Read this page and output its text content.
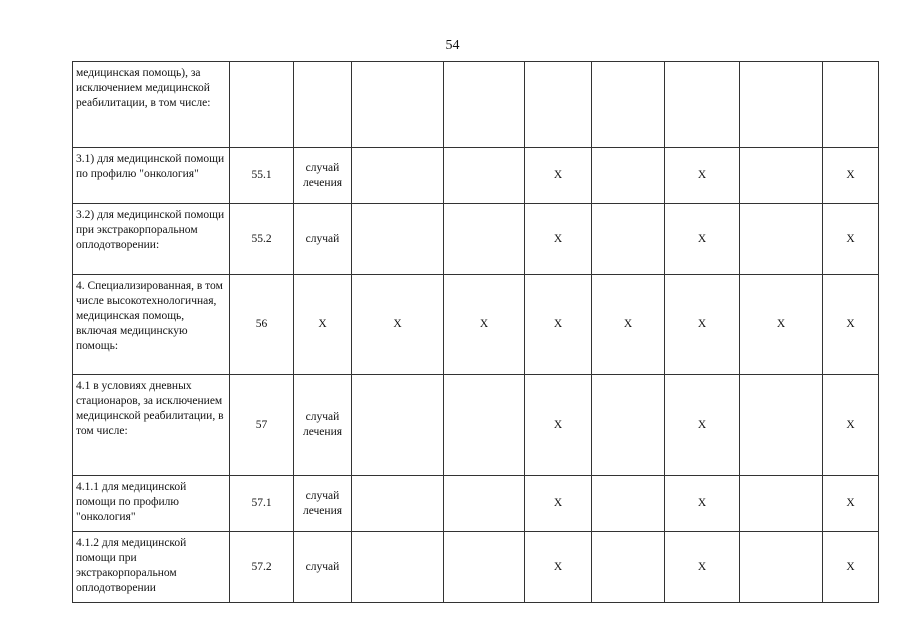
54
медицинская помощь), за исключением медицинской реабилитации, в том числе:									
3.1) для медицинской помощи по профилю "онкология"	55.1	случай лечения			X		X		X
3.2) для медицинской помощи при экстракорпоральном оплодотворении:	55.2	случай			X		X		X
4. Специализированная, в том числе высокотехнологичная, медицинская помощь, включая медицинскую помощь:	56	X	X	X	X	X	X	X	X
4.1 в условиях дневных стационаров, за исключением медицинской реабилитации, в том числе:	57	случай лечения			X		X		X
4.1.1 для медицинской помощи по профилю "онкология"	57.1	случай лечения			X		X		X
4.1.2 для медицинской помощи при экстракорпоральном оплодотворении	57.2	случай			X		X		X
